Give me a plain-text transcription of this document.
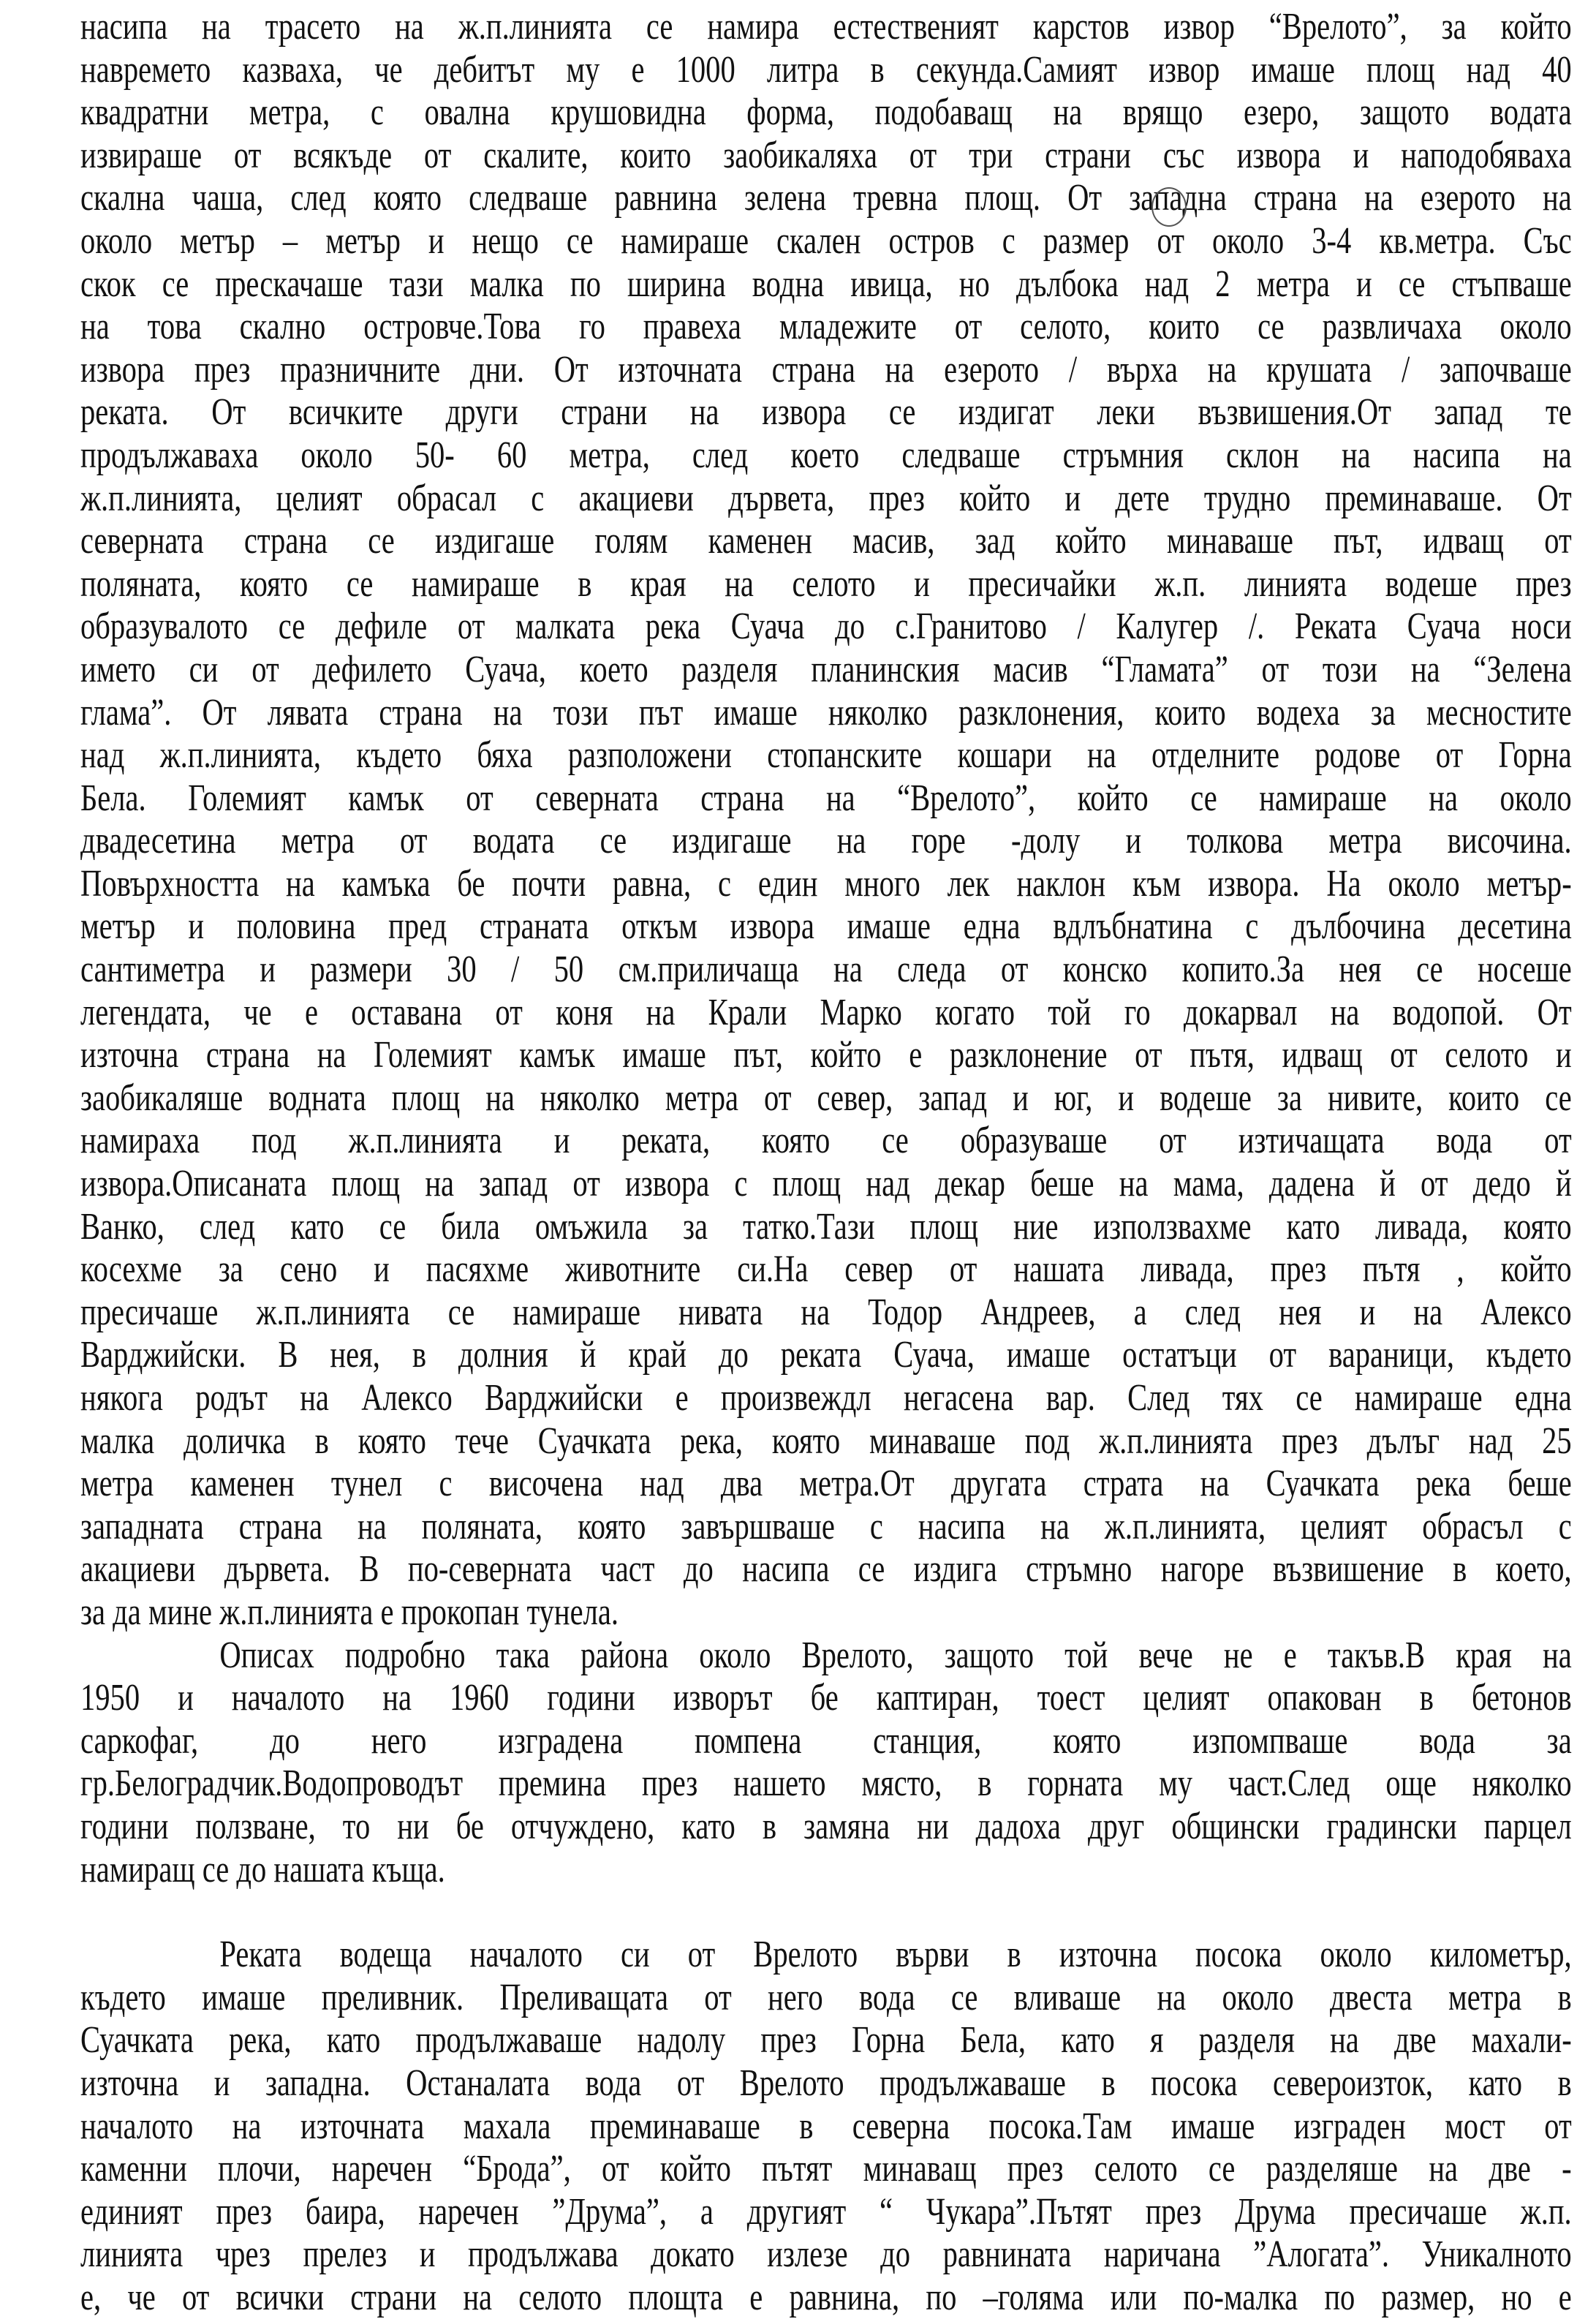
насипа на трасето на ж.п.линията се намира естественият карстов извор “Врелото”, за който
навремето казваха, че дебитът му е 1000 литра в секунда.Самият извор имаше площ над 40
квадратни метра, с овална крушовидна форма, подобаващ на врящо езеро, защото водата
извираше от всякъде от скалите, които заобикаляха от три страни със извора и наподобяваха
скална чаша, след която следваше равнина зелена тревна площ. От западна страна на езерото на
около метър – метър и нещо се намираше скален остров с размер от около 3-4 кв.метра. Със
скок се прескачаше тази малка по ширина водна ивица, но дълбока над 2 метра и се стъпваше
на това скално островче.Това го правеха младежите от селото, които се развличаха около
извора през празничните дни. От източната страна на езерото / върха на крушата / започваше
реката. От всичките други страни на извора се издигат леки възвишения.От запад те
продължаваха около 50- 60 метра, след което следваше стръмния склон на насипа на
ж.п.линията, целият обрасал с акациеви дървета, през който и дете трудно преминаваше. От
северната страна се издигаше голям каменен масив, зад който минаваше път, идващ от
поляната, която се намираше в края на селото и пресичайки ж.п. линията водеше през
образувалото се дефиле от малката река Суача до с.Гранитово / Калугер /. Реката Суача носи
името си от дефилето Суача, което разделя планинския масив “Гламата” от този на “Зелена
глама”. От лявата страна на този път имаше няколко разклонения, които водеха за месностите
над ж.п.линията, където бяха разположени стопанските кошари на отделните родове от Горна
Бела. Големият камък от северната страна на “Врелото”, който се намираше на около
двадесетина метра от водата се издигаше на горе -долу и толкова метра височина.
Повърхността на камъка бе почти равна, с един много лек наклон към извора. На около метър-
метър и половина пред страната откъм извора имаше една вдлъбнатина с дълбочина десетина
сантиметра и размери 30 / 50 см.приличаща на следа от конско копито.За нея се носеше
легендата, че е оставана от коня на Крали Марко когато той го докарвал на водопой. От
източна страна на Големият камък имаше път, който е разклонение от пътя, идващ от селото и
заобикаляше водната площ на няколко метра от север, запад и юг, и водеше за нивите, които се
намираха под ж.п.линията и реката, която се образуваше от изтичащата вода от
извора.Описаната площ на запад от извора с площ над декар беше на мама, дадена й от дедо й
Ванко, след като се била омъжила за татко.Тази площ ние използвахме като ливада, която
косехме за сено и пасяхме животните си.На север от нашата ливада, през пътя , който
пресичаше ж.п.линията се намираше нивата на Тодор Андреев, а след нея и на Алексо
Варджийски. В нея, в долния й край до реката Суача, имаше остатъци от вараници, където
някога родът на Алексо Варджийски е произвеждл негасена вар. След тях се намираше една
малка доличка в която тече Суачката река, която минаваше под ж.п.линията през дълъг над 25
метра каменен тунел с височена над два метра.От другата страта на Суачката река беше
западната страна на поляната, която завършваше с насипа на ж.п.линията, целият обрасъл с
акациеви дървета. В по-северната част до насипа се издига стръмно нагоре възвишение в което,
за да мине ж.п.линията е прокопан тунела.
Описах подробно така района около Врелото, защото той вече не е такъв.В края на
1950 и началото на 1960 години изворът бе каптиран, тоест целият опакован в бетонов
саркофаг, до него изградена помпена станция, която изпомпваше вода за
гр.Белоградчик.Водопроводът премина през нашето място, в горната му част.След още няколко
години ползване, то ни бе отчуждено, като в замяна ни дадоха друг общински градински парцел
намиращ се до нашата къща.
Реката водеща началото си от Врелото върви в източна посока около километър,
където имаше преливник. Преливащата от него вода се вливаше на около двеста метра в
Суачката река, като продължаваше надолу през Горна Бела, като я разделя на две махали-
източна и западна. Останалата вода от Врелото продължаваше в посока североизток, като в
началото на източната махала преминаваше в северна посока.Там имаше изграден мост от
каменни плочи, наречен “Брода”, от който пътят минаващ през селото се разделяше на две -
единият през баира, наречен ”Друма”, а другият “ Чукара”.Пътят през Друма пресичаше ж.п.
линията чрез прелез и продължава докато излезе до равнината наричана ”Алогата”. Уникалното
е, че от всички страни на селото площта е равнина, по –голяма или по-малка по размер, но е
